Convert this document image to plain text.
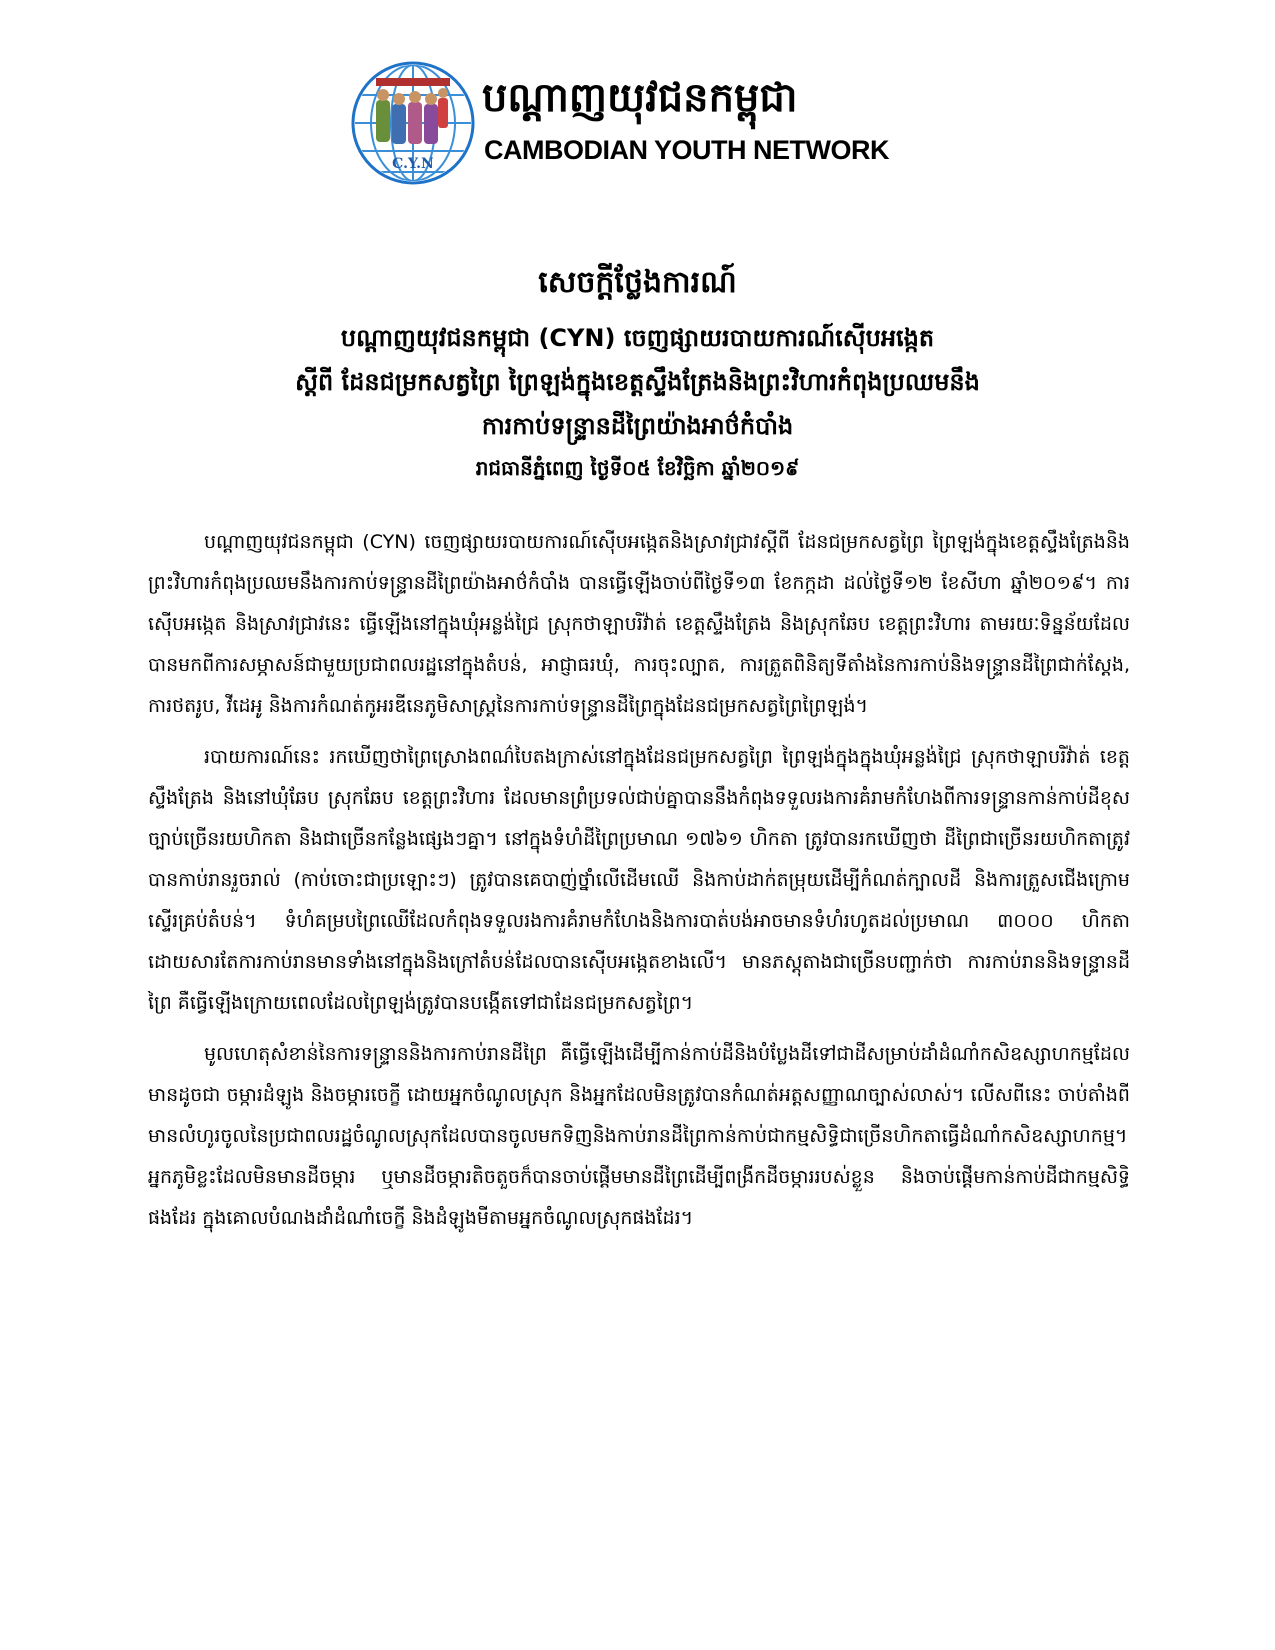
C.Y.N
បណ្តាញយុវជនកម្ពុជា
CAMBODIAN YOUTH NETWORK
សេចក្តីថ្លែងការណ៍
បណ្តាញយុវជនកម្ពុជា (CYN) ចេញផ្សាយរបាយការណ៍ស៊ើបអង្កេត
ស្តីពី ដែនជម្រកសត្វព្រៃ ព្រៃឡង់ក្នុងខេត្តស្ទឹងត្រែងនិងព្រះវិហារកំពុងប្រឈមនឹង
ការកាប់ទន្រ្ទានដីព្រៃយ៉ាងអាថ៌កំបាំង
រាជធានីភ្នំពេញ ថ្ងៃទី០៥ ខែវិច្ឆិកា ឆ្នាំ២០១៩

បណ្តាញយុវជនកម្ពុជា (CYN) ចេញផ្សាយរបាយការណ៍ស៊ើបអង្កេតនិងស្រាវជ្រាវស្តីពី ដែនជម្រកសត្វព្រៃ ព្រៃឡង់ក្នុងខេត្តស្ទឹងត្រែងនិងព្រះវិហារកំពុងប្រឈមនឹងការកាប់ទន្រ្ទានដីព្រៃយ៉ាងអាថ៌កំបាំង បានធ្វើឡើងចាប់ពីថ្ងៃទី១៣ ខែកក្កដា ដល់ថ្ងៃទី១២ ខែសីហា ឆ្នាំ២០១៩។ ការស៊ើបអង្កេត និងស្រាវជ្រាវនេះ ធ្វើឡើងនៅក្នុងឃុំអន្លង់ជ្រៃ ស្រុកថាឡាបរិវ៉ាត់ ខេត្តស្ទឹងត្រែង និងស្រុកឆែប ខេត្តព្រះវិហារ តាមរយៈទិន្នន័យដែលបានមកពីការសម្ភាសន៍ជាមួយប្រជាពលរដ្ឋនៅក្នុងតំបន់, អាជ្ញាធរឃុំ, ការចុះល្បាត, ការត្រួតពិនិត្យទីតាំងនៃការកាប់និងទន្រ្ទានដីព្រៃជាក់ស្តែង, ការថតរូប, វីដេអូ និងការកំណត់កូអរឌីនេភូមិសាស្រ្តនៃការកាប់ទន្រ្ទានដីព្រៃក្នុងដែនជម្រកសត្វព្រៃព្រៃឡង់។

របាយការណ៍នេះ រកឃើញថាព្រៃស្រោងពណ៌បៃតងក្រាស់នៅក្នុងដែនជម្រកសត្វព្រៃ ព្រៃឡង់ក្នុងក្នុងឃុំអន្លង់ជ្រៃ ស្រុកថាឡាបរិវ៉ាត់ ខេត្តស្ទឹងត្រែង និងនៅឃុំឆែប ស្រុកឆែប ខេត្តព្រះវិហារ ដែលមានព្រំប្រទល់ជាប់គ្នាបាននឹងកំពុងទទួលរងការគំរាមកំហែងពីការទន្រ្ទានកាន់កាប់ដីខុសច្បាប់ច្រើនរយហិកតា និងជាច្រើនកន្លែងផ្សេងៗគ្នា។ នៅក្នុងទំហំដីព្រៃប្រមាណ ១៧៦១ ហិកតា ត្រូវបានរកឃើញថា ដីព្រៃជាច្រើនរយហិកតាត្រូវបានកាប់រានរួចរាល់ (កាប់ចោះជាប្រឡោះៗ) ត្រូវបានគេបាញ់ថ្នាំលើដើមឈើ និងកាប់ដាក់តម្រុយដើម្បីកំណត់ក្បាលដី និងការត្រួសជើងក្រោមស្ទើរគ្រប់តំបន់។ ទំហំគម្របព្រៃឈើដែលកំពុងទទួលរងការគំរាមកំហែងនិងការបាត់បង់អាចមានទំហំរហូតដល់ប្រមាណ ៣០០០ ហិកតា ដោយសារតែការកាប់រានមានទាំងនៅក្នុងនិងក្រៅតំបន់ដែលបានស៊ើបអង្កេតខាងលើ។ មានភស្តុតាងជាច្រើនបញ្ជាក់ថា ការកាប់រាននិងទន្រ្ទានដីព្រៃ គឺធ្វើឡើងក្រោយពេលដែលព្រៃឡង់ត្រូវបានបង្កើតទៅជាដែនជម្រកសត្វព្រៃ។

មូលហេតុសំខាន់នៃការទន្រ្ទាននិងការកាប់រានដីព្រៃ គឺធ្វើឡើងដើម្បីកាន់កាប់ដីនិងបំប្លែងដីទៅជាដីសម្រាប់ដាំដំណាំកសិឧស្សាហកម្មដែលមានដូចជា ចម្ការដំឡូង និងចម្ការចេក្ខី ដោយអ្នកចំណូលស្រុក និងអ្នកដែលមិនត្រូវបានកំណត់អត្តសញ្ញាណច្បាស់លាស់។ លើសពីនេះ ចាប់តាំងពីមានលំហូរចូលនៃប្រជាពលរដ្ឋចំណូលស្រុកដែលបានចូលមកទិញនិងកាប់រានដីព្រៃកាន់កាប់ជាកម្មសិទ្ធិជាច្រើនហិកតាធ្វើដំណាំកសិឧស្សាហកម្ម។ អ្នកភូមិខ្លះដែលមិនមានដីចម្ការ ឬមានដីចម្ការតិចតួចក៏បានចាប់ផ្តើមមានដីព្រៃដើម្បីពង្រីកដីចម្ការរបស់ខ្លួន និងចាប់ផ្តើមកាន់កាប់ដីជាកម្មសិទ្ធិផងដែរ ក្នុងគោលបំណងដាំដំណាំចេក្ខី និងដំឡូងមីតាមអ្នកចំណូលស្រុកផងដែរ។
